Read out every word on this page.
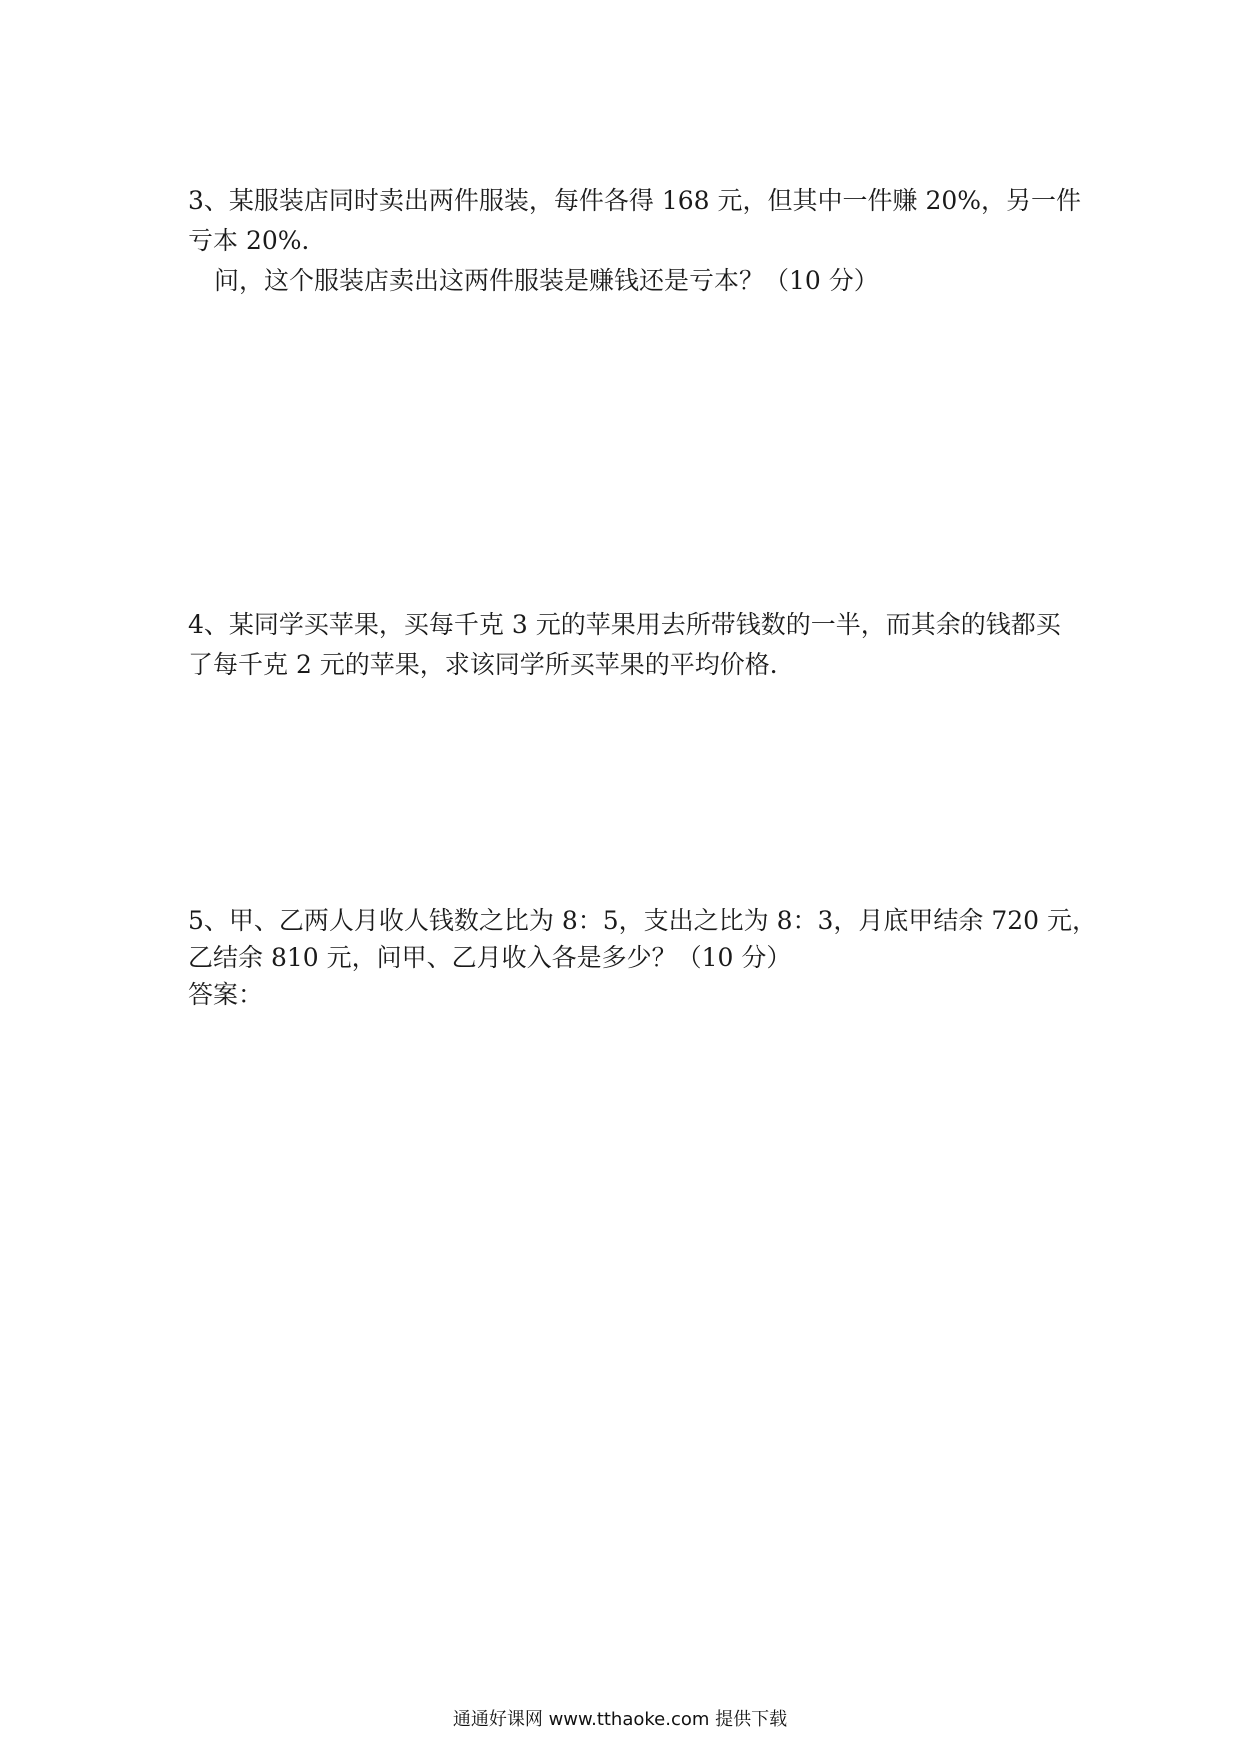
3、某服装店同时卖出两件服装，每件各得 168 元，但其中一件赚 20%，另一件
亏本 20%．
问，这个服装店卖出这两件服装是赚钱还是亏本？（10 分）
4、某同学买苹果，买每千克 3 元的苹果用去所带钱数的一半，而其余的钱都买
了每千克 2 元的苹果，求该同学所买苹果的平均价格．
5、甲、乙两人月收人钱数之比为 8：5，支出之比为 8：3，月底甲结余 720 元，
乙结余 810 元，问甲、乙月收入各是多少？（10 分）
答案：
通通好课网 www.tthaoke.com 提供下载
